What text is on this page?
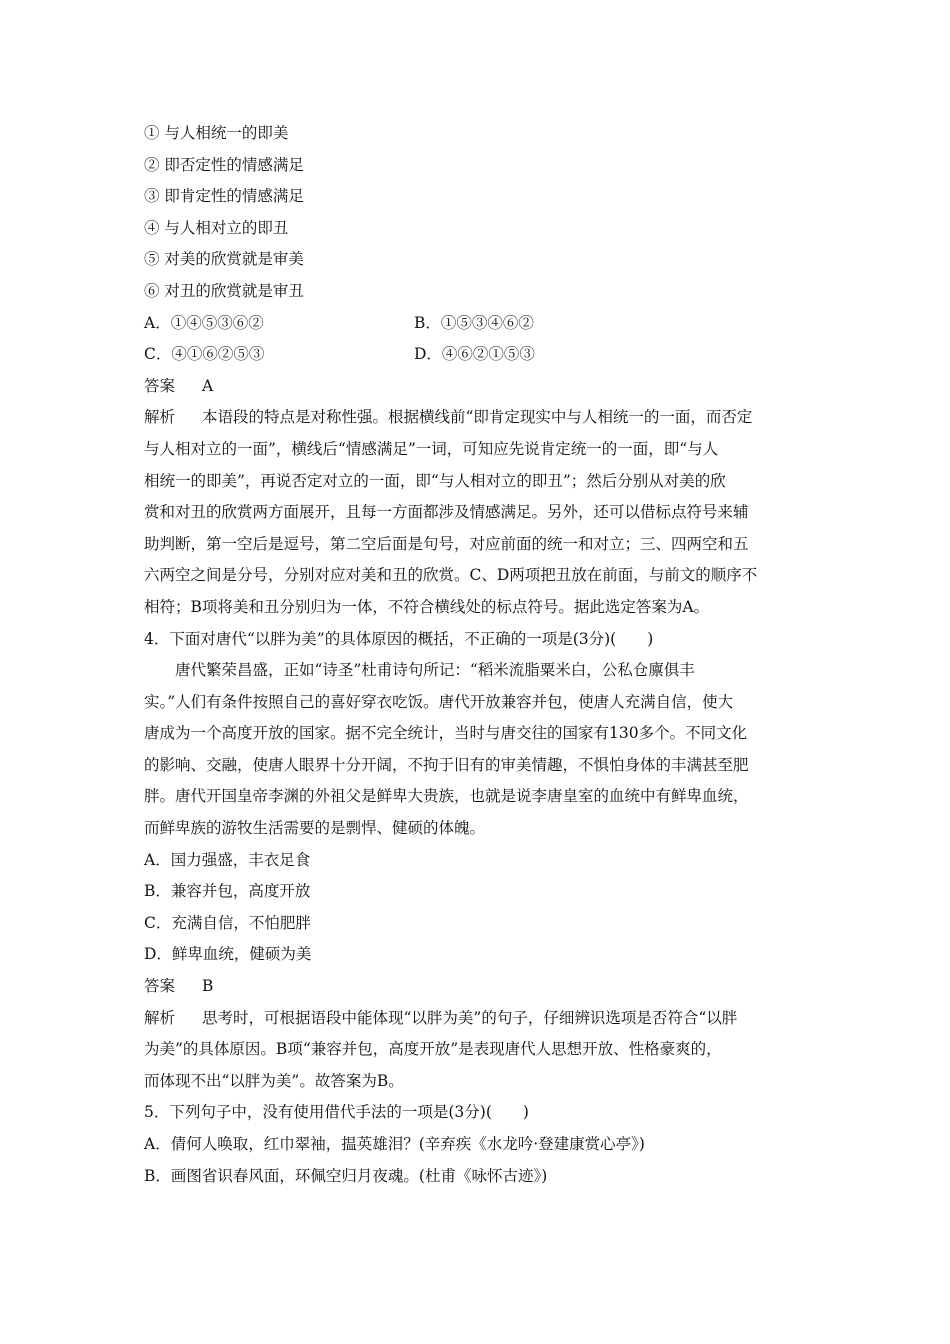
① 与人相统一的即美
② 即否定性的情感满足
③ 即肯定性的情感满足
④ 与人相对立的即丑
⑤ 对美的欣赏就是审美
⑥ 对丑的欣赏就是审丑
A．①④⑤③⑥②	B．①⑤③④⑥②
C．④①⑥②⑤③	D．④⑥②①⑤③
答案 A
解析 本语段的特点是对称性强。根据横线前“即肯定现实中与人相统一的一面，而否定
与人相对立的一面”，横线后“情感满足”一词，可知应先说肯定统一的一面，即“与人
相统一的即美”，再说否定对立的一面，即“与人相对立的即丑”；然后分别从对美的欣
赏和对丑的欣赏两方面展开，且每一方面都涉及情感满足。另外，还可以借标点符号来辅
助判断，第一空后是逗号，第二空后面是句号，对应前面的统一和对立；三、四两空和五
六两空之间是分号，分别对应对美和丑的欣赏。C、D两项把丑放在前面，与前文的顺序不
相符；B项将美和丑分别归为一体，不符合横线处的标点符号。据此选定答案为A。
4．下面对唐代“以胖为美”的具体原因的概括，不正确的一项是(3分)(　　)
唐代繁荣昌盛，正如“诗圣”杜甫诗句所记：“稻米流脂粟米白，公私仓廪俱丰
实。”人们有条件按照自己的喜好穿衣吃饭。唐代开放兼容并包，使唐人充满自信，使大
唐成为一个高度开放的国家。据不完全统计，当时与唐交往的国家有130多个。不同文化
的影响、交融，使唐人眼界十分开阔，不拘于旧有的审美情趣，不惧怕身体的丰满甚至肥
胖。唐代开国皇帝李渊的外祖父是鲜卑大贵族，也就是说李唐皇室的血统中有鲜卑血统，
而鲜卑族的游牧生活需要的是剽悍、健硕的体魄。
A．国力强盛，丰衣足食
B．兼容并包，高度开放
C．充满自信，不怕肥胖
D．鲜卑血统，健硕为美
答案 B
解析 思考时，可根据语段中能体现“以胖为美”的句子，仔细辨识选项是否符合“以胖
为美”的具体原因。B项“兼容并包，高度开放”是表现唐代人思想开放、性格豪爽的，
而体现不出“以胖为美”。故答案为B。
5．下列句子中，没有使用借代手法的一项是(3分)(　　)
A．倩何人唤取，红巾翠袖，揾英雄泪？(辛弃疾《水龙吟·登建康赏心亭》)
B．画图省识春风面，环佩空归月夜魂。(杜甫《咏怀古迹》)
